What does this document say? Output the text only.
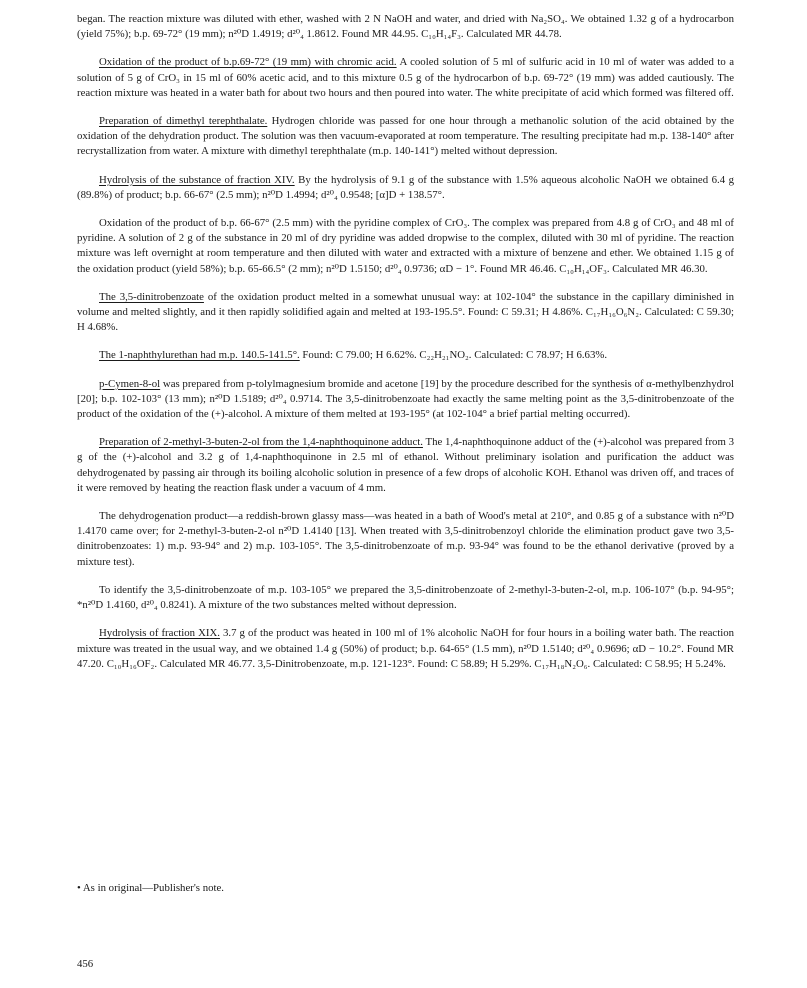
began. The reaction mixture was diluted with ether, washed with 2 N NaOH and water, and dried with Na₂SO₄. We obtained 1.32 g of a hydrocarbon (yield 75%); b.p. 69-72° (19 mm); n²⁰D 1.4919; d²⁰₄ 1.8612. Found MR 44.95. C₁₀H₁₄F₃. Calculated MR 44.78.

Oxidation of the product of b.p.69-72° (19 mm) with chromic acid. A cooled solution of 5 ml of sulfuric acid in 10 ml of water was added to a solution of 5 g of CrO₃ in 15 ml of 60% acetic acid, and to this mixture 0.5 g of the hydrocarbon of b.p. 69-72° (19 mm) was added cautiously. The reaction mixture was heated in a water bath for about two hours and then poured into water. The white precipitate of acid which formed was filtered off.

Preparation of dimethyl terephthalate. Hydrogen chloride was passed for one hour through a methanolic solution of the acid obtained by the oxidation of the dehydration product. The solution was then vacuum-evaporated at room temperature. The resulting precipitate had m.p. 138-140° after recrystallization from water. A mixture with dimethyl terephthalate (m.p. 140-141°) melted without depression.

Hydrolysis of the substance of fraction XIV. By the hydrolysis of 9.1 g of the substance with 1.5% aqueous alcoholic NaOH we obtained 6.4 g (89.8%) of product; b.p. 66-67° (2.5 mm); n²⁰D 1.4994; d²⁰₄ 0.9548; [α]D + 138.57°.

Oxidation of the product of b.p. 66-67° (2.5 mm) with the pyridine complex of CrO₃. The complex was prepared from 4.8 g of CrO₃ and 48 ml of pyridine. A solution of 2 g of the substance in 20 ml of dry pyridine was added dropwise to the complex, diluted with 30 ml of pyridine. The reaction mixture was left overnight at room temperature and then diluted with water and extracted with a mixture of benzene and ether. We obtained 1.15 g of the oxidation product (yield 58%); b.p. 65-66.5° (2 mm); n²⁰D 1.5150; d²⁰₄ 0.9736; αD − 1°. Found MR 46.46. C₁₀H₁₄OF₃. Calculated MR 46.30.

The 3,5-dinitrobenzoate of the oxidation product melted in a somewhat unusual way: at 102-104° the substance in the capillary diminished in volume and melted slightly, and it then rapidly solidified again and melted at 193-195.5°. Found: C 59.31; H 4.86%. C₁₇H₁₆O₆N₂. Calculated: C 59.30; H 4.68%.

The 1-naphthylurethan had m.p. 140.5-141.5°. Found: C 79.00; H 6.62%. C₂₂H₂₁NO₂. Calculated: C 78.97; H 6.63%.

p-Cymen-8-ol was prepared from p-tolylmagnesium bromide and acetone [19] by the procedure described for the synthesis of α-methylbenzhydrol [20]; b.p. 102-103° (13 mm); n²⁰D 1.5189; d²⁰₄ 0.9714. The 3,5-dinitrobenzoate had exactly the same melting point as the 3,5-dinitrobenzoate of the product of the oxidation of the (+)-alcohol. A mixture of them melted at 193-195° (at 102-104° a brief partial melting occurred).

Preparation of 2-methyl-3-buten-2-ol from the 1,4-naphthoquinone adduct. The 1,4-naphthoquinone adduct of the (+)-alcohol was prepared from 3 g of the (+)-alcohol and 3.2 g of 1,4-naphthoquinone in 2.5 ml of ethanol. Without preliminary isolation and purification the adduct was dehydrogenated by passing air through its boiling alcoholic solution in presence of a few drops of alcoholic KOH. Ethanol was driven off, and traces of it were removed by heating the reaction flask under a vacuum of 4 mm.

The dehydrogenation product—a reddish-brown glassy mass—was heated in a bath of Wood's metal at 210°, and 0.85 g of a substance with n²⁰D 1.4170 came over; for 2-methyl-3-buten-2-ol n²⁰D 1.4140 [13]. When treated with 3,5-dinitrobenzoyl chloride the elimination product gave two 3,5-dinitrobenzoates: 1) m.p. 93-94° and 2) m.p. 103-105°. The 3,5-dinitrobenzoate of m.p. 93-94° was found to be the ethanol derivative (proved by a mixture test).

To identify the 3,5-dinitrobenzoate of m.p. 103-105° we prepared the 3,5-dinitrobenzoate of 2-methyl-3-buten-2-ol, m.p. 106-107° (b.p. 94-95°; *n²⁰D 1.4160, d²⁰₄ 0.8241). A mixture of the two substances melted without depression.

Hydrolysis of fraction XIX. 3.7 g of the product was heated in 100 ml of 1% alcoholic NaOH for four hours in a boiling water bath. The reaction mixture was treated in the usual way, and we obtained 1.4 g (50%) of product; b.p. 64-65° (1.5 mm), n²⁰D 1.5140; d²⁰₄ 0.9696; αD − 10.2°. Found MR 47.20. C₁₀H₁₆OF₂. Calculated MR 46.77. 3,5-Dinitrobenzoate, m.p. 121-123°. Found: C 58.89; H 5.29%. C₁₇H₁₈N₂O₆. Calculated: C 58.95; H 5.24%.

• As in original—Publisher's note.
456
